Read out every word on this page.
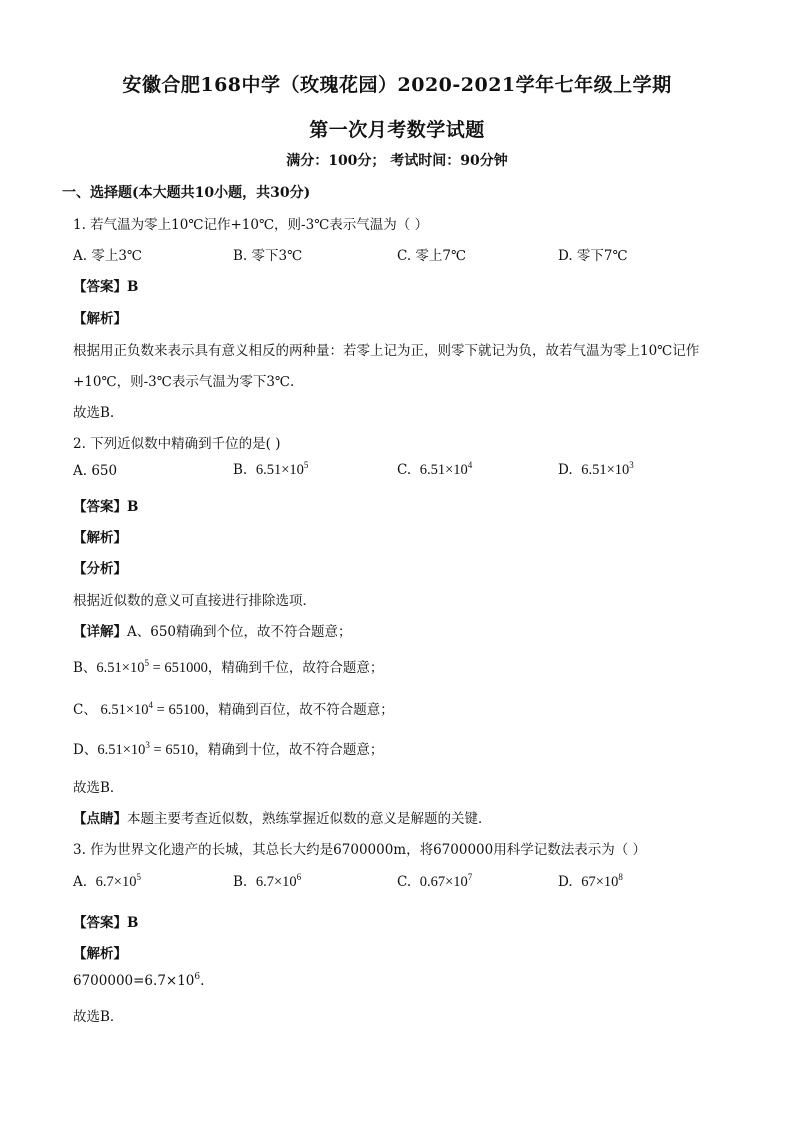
安徽合肥168中学（玫瑰花园）2020-2021学年七年级上学期
第一次月考数学试题
满分：100分； 考试时间：90分钟
一、选择题(本大题共10小题，共30分)
1. 若气温为零上10℃记作+10℃，则-3℃表示气温为（ ）
A. 零上3℃	B. 零下3℃	C. 零上7℃	D. 零下7℃
【答案】B
【解析】
根据用正负数来表示具有意义相反的两种量：若零上记为正，则零下就记为负，故若气温为零上10℃记作
+10℃，则-3℃表示气温为零下3℃.
故选B.
2. 下列近似数中精确到千位的是( )
A. 650	B. $6.51\times 10^5$	C. $6.51\times 10^4$	D. $6.51\times 10^3$
【答案】B
【解析】
【分析】
根据近似数的意义可直接进行排除选项．
【详解】A、650精确到个位，故不符合题意；
B、$6.51\times 10^5 = 651000$，精确到千位，故符合题意；
C、 $6.51\times 10^4 = 65100$，精确到百位，故不符合题意；
D、$6.51\times 10^3 = 6510$，精确到十位，故不符合题意；
故选B．
【点睛】本题主要考查近似数，熟练掌握近似数的意义是解题的关键．
3. 作为世界文化遗产的长城，其总长大约是6700000m，将6700000用科学记数法表示为（ ）
A. $6.7\times 10^5$	B. $6.7\times 10^6$	C. $0.67\times 10^7$	D. $67\times 10^8$
【答案】B
【解析】
$6700000=6.7\times 10^6$.
故选B．
